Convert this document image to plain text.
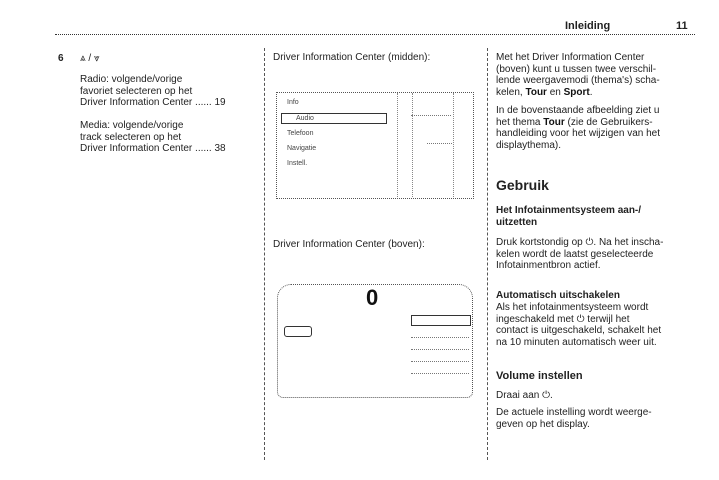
Inleiding	11
6 ⩓ / ⩔
Radio: volgende/vorige
favoriet selecteren op het
Driver Information Center ...... 19
Media: volgende/vorige
track selecteren op het
Driver Information Center ...... 38
Driver Information Center (midden):
Info
Audio
Telefoon
Navigatie
Instell.
Driver Information Center (boven):
0
Met het Driver Information Center
(boven) kunt u tussen twee verschil-
lende weergavemodi (thema's) scha-
kelen, Tour en Sport.
In de bovenstaande afbeelding ziet u
het thema Tour (zie de Gebruikers-
handleiding voor het wijzigen van het
displaythema).
Gebruik
Het Infotainmentsysteem aan-/
uitzetten
Druk kortstondig op ⏻. Na het inscha-
kelen wordt de laatst geselecteerde
Infotainmentbron actief.
Automatisch uitschakelen
Als het infotainmentsysteem wordt
ingeschakeld met ⏻ terwijl het
contact is uitgeschakeld, schakelt het
na 10 minuten automatisch weer uit.
Volume instellen
Draai aan ⏻.
De actuele instelling wordt weerge-
geven op het display.
